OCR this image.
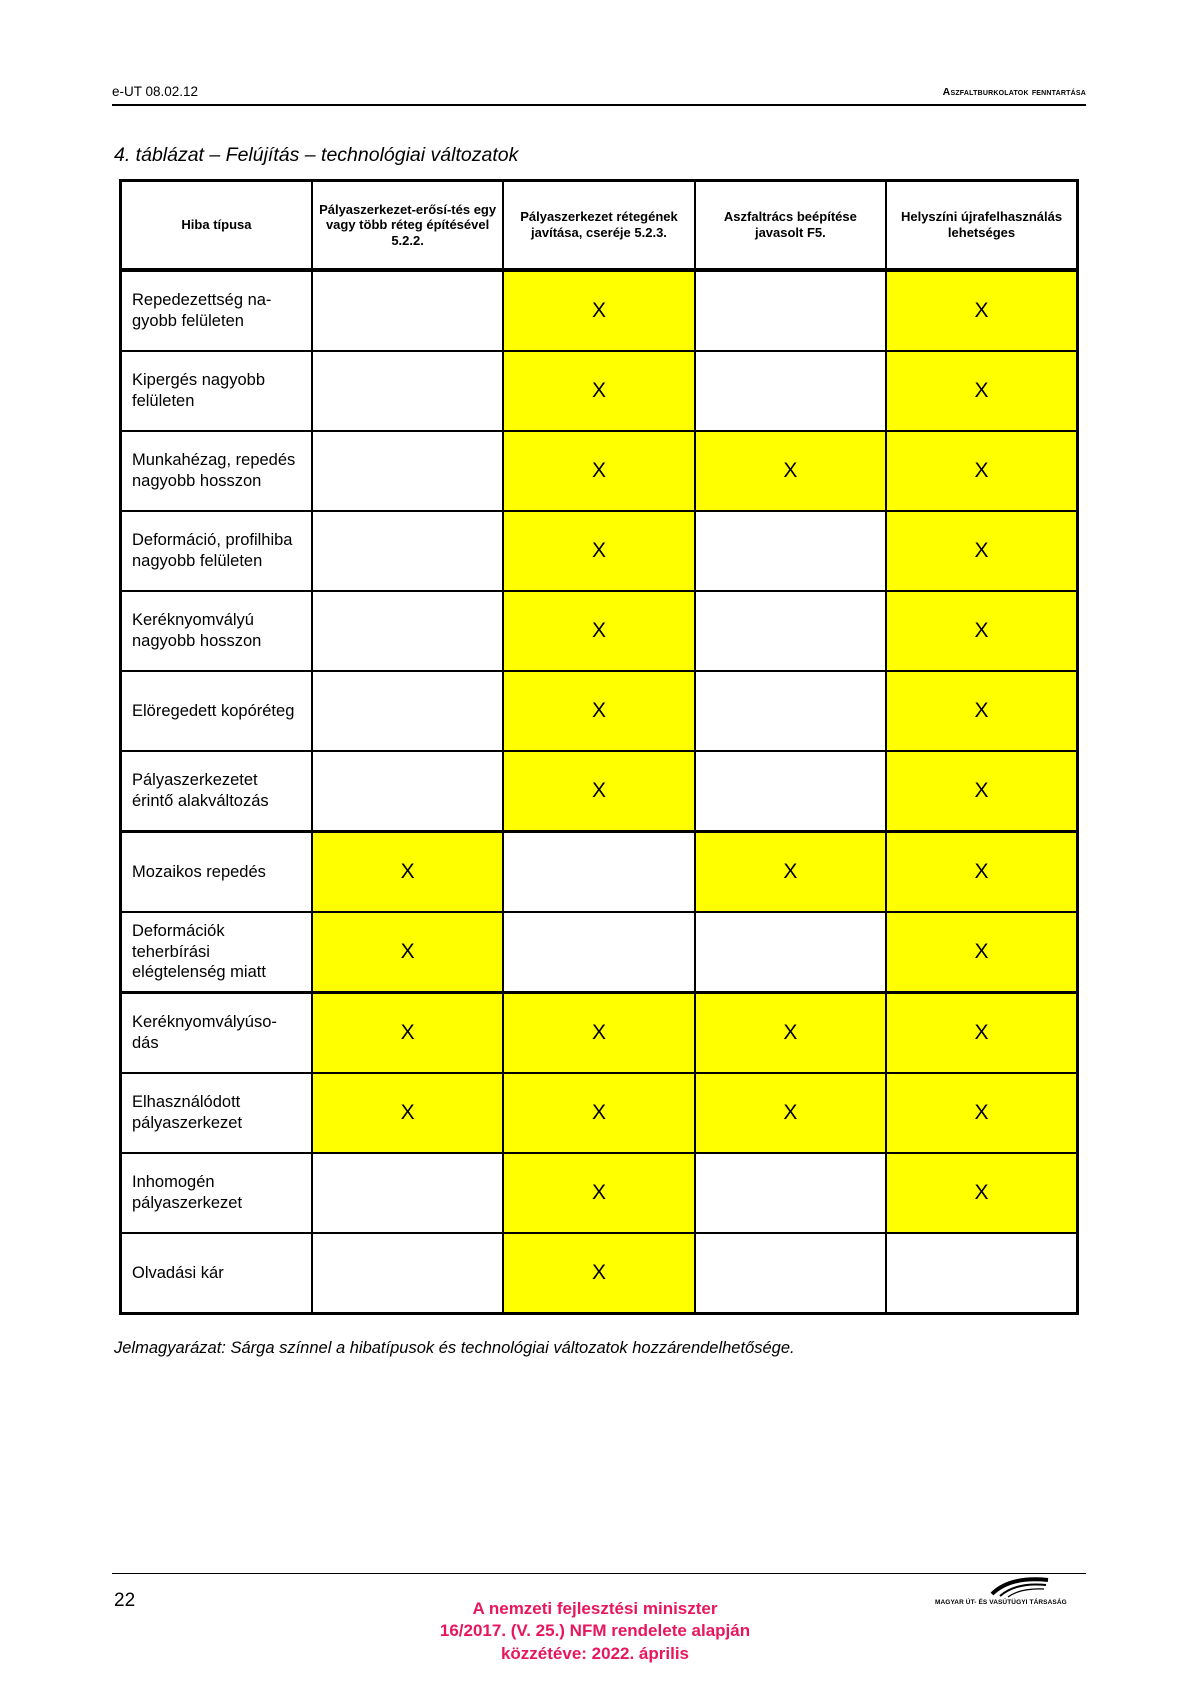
e-UT 08.02.12	Aszfaltburkolatok fenntartása
4. táblázat – Felújítás – technológiai változatok
Hiba típusa	Pályaszerkezet-erősí-tés egy vagy több réteg építésével 5.2.2.	Pályaszerkezet rétegének javítása, cseréje 5.2.3.	Aszfaltrács beépítése javasolt F5.	Helyszíni újrafelhasználás lehetséges
Repedezettség na-gyobb felületen		X		X
Kipergés nagyobb felületen		X		X
Munkahézag, repedés nagyobb hosszon		X	X	X
Deformáció, profilhiba nagyobb felületen		X		X
Keréknyomvályú nagyobb hosszon		X		X
Elöregedett kopóréteg		X		X
Pályaszerkezetet érintő alakváltozás		X		X
Mozaikos repedés	X		X	X
Deformációk teherbírási elégtelenség miatt	X			X
Keréknyomvályúso-dás	X	X	X	X
Elhasználódott pályaszerkezet	X	X	X	X
Inhomogén pályaszerkezet		X		X
Olvadási kár		X		
Jelmagyarázat: Sárga színnel a hibatípusok és technológiai változatok hozzárendelhetősége.
22	A nemzeti fejlesztési miniszter
16/2017. (V. 25.) NFM rendelete alapján
közzétéve: 2022. április
MAGYAR ÚT- ÉS VASÚTÜGYI TÁRSASÁG
